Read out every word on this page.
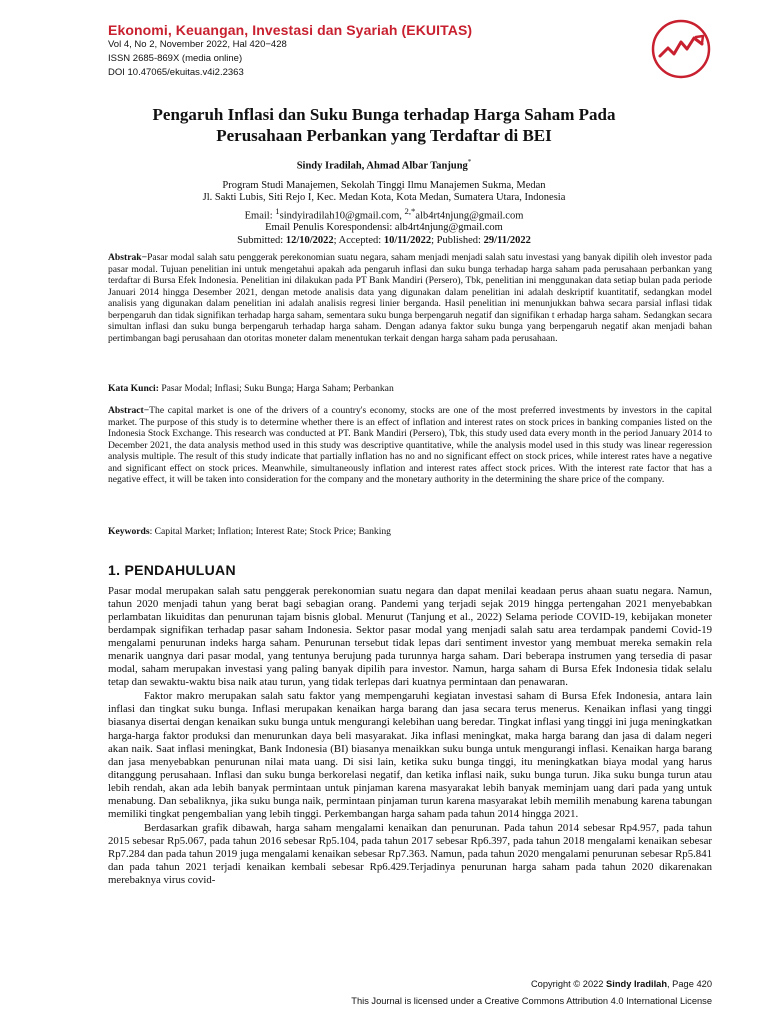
Ekonomi, Keuangan, Investasi dan Syariah (EKUITAS)
Vol 4, No 2, November 2022, Hal 420−428
ISSN 2685-869X (media online)
DOI 10.47065/ekuitas.v4i2.2363
Pengaruh Inflasi dan Suku Bunga terhadap Harga Saham Pada
Perusahaan Perbankan yang Terdaftar di BEI
Sindy Iradilah, Ahmad Albar Tanjung*
Program Studi Manajemen, Sekolah Tinggi Ilmu Manajemen Sukma, Medan
Jl. Sakti Lubis, Siti Rejo I, Kec. Medan Kota, Kota Medan, Sumatera Utara, Indonesia
Email: $^1$sindyiradilah10@gmail.com, $^{2,*}$alb4rt4njung@gmail.com
Email Penulis Korespondensi: alb4rt4njung@gmail.com
Submitted: 12/10/2022; Accepted: 10/11/2022; Published: 29/11/2022
Abstrak−Pasar modal salah satu penggerak perekonomian suatu negara, saham menjadi menjadi salah satu investasi yang banyak dipilih oleh investor pada pasar modal. Tujuan penelitian ini untuk mengetahui apakah ada pengaruh inflasi dan suku bunga terhadap harga saham pada perusahaan perbankan yang terdaftar di Bursa Efek Indonesia. Penelitian ini dilakukan pada PT Bank Mandiri (Persero), Tbk, penelitian ini menggunakan data setiap bulan pada periode Januari 2014 hingga Desember 2021, dengan metode analisis data yang digunakan dalam penelitian ini adalah deskriptif kuantitatif, sedangkan model analisis yang digunakan dalam penelitian ini adalah analisis regresi linier berganda. Hasil penelitian ini menunjukkan bahwa secara parsial inflasi tidak berpengaruh dan tidak signifikan terhadap harga saham, sementara suku bunga berpengaruh negatif dan signifikan t erhadap harga saham. Sedangkan secara simultan inflasi dan suku bunga berpengaruh terhadap harga saham. Dengan adanya faktor suku bunga yang berpengaruh negatif akan menjadi bahan pertimbangan bagi perusahaan dan otoritas moneter dalam menentukan terkait dengan harga saham pada perusahaan.
Kata Kunci: Pasar Modal; Inflasi; Suku Bunga; Harga Saham; Perbankan
Abstract−The capital market is one of the drivers of a country's economy, stocks are one of the most preferred investments by investors in the capital market. The purpose of this study is to determine whether there is an effect of inflation and interest rates on stock prices in banking companies listed on the Indonesia Stock Exchange. This research was conducted at PT. Bank Mandiri (Persero), Tbk, this study used data every month in the period January 2014 to December 2021, the data analysis method used in this study was descriptive quantitative, while the analysis model used in this study was linear regeression analysis multiple. The result of this study indicate that partially inflation has no and no significant effect on stock prices, while interest rates have a negative and significant effect on stock prices. Meanwhile, simultaneously inflation and interest rates affect stock prices. With the interest rate factor that has a negative effect, it will be taken into consideration for the company and the monetary authority in the determining the share price of the company.
Keywords: Capital Market; Inflation; Interest Rate; Stock Price; Banking
1. PENDAHULUAN

Pasar modal merupakan salah satu penggerak perekonomian suatu negara dan dapat menilai keadaan perus ahaan suatu negara. Namun, tahun 2020 menjadi tahun yang berat bagi sebagian orang. Pandemi yang terjadi sejak 2019 hingga pertengahan 2021 menyebabkan perlambatan likuiditas dan penurunan tajam bisnis global. Menurut (Tanjung et al., 2022) Selama periode COVID-19, kebijakan moneter berdampak signifikan terhadap pasar saham Indonesia. Sektor pasar modal yang menjadi salah satu area terdampak pandemi Covid-19 mengalami penurunan indeks harga saham. Penurunan tersebut tidak lepas dari sentiment investor yang membuat mereka semakin rela menarik uangnya dari pasar modal, yang tentunya berujung pada turunnya harga saham. Dari beberapa instrumen yang tersedia di pasar modal, saham merupakan investasi yang paling banyak dipilih para investor. Namun, harga saham di Bursa Efek Indonesia tidak selalu tetap dan sewaktu-waktu bisa naik atau turun, yang tidak terlepas dari kuatnya permintaan dan penawaran.

Faktor makro merupakan salah satu faktor yang mempengaruhi kegiatan investasi saham di Bursa Efek Indonesia, antara lain inflasi dan tingkat suku bunga. Inflasi merupakan kenaikan harga barang dan jasa secara terus menerus. Kenaikan inflasi yang tinggi biasanya disertai dengan kenaikan suku bunga untuk mengurangi kelebihan uang beredar. Tingkat inflasi yang tinggi ini juga meningkatkan harga-harga faktor produksi dan menurunkan daya beli masyarakat. Jika inflasi meningkat, maka harga barang dan jasa di dalam negeri akan naik. Saat inflasi meningkat, Bank Indonesia (BI) biasanya menaikkan suku bunga untuk mengurangi inflasi. Kenaikan harga barang dan jasa menyebabkan penurunan nilai mata uang. Di sisi lain, ketika suku bunga tinggi, itu meningkatkan biaya modal yang harus ditanggung perusahaan. Inflasi dan suku bunga berkorelasi negatif, dan ketika inflasi naik, suku bunga turun. Jika suku bunga turun atau lebih rendah, akan ada lebih banyak permintaan untuk pinjaman karena masyarakat lebih banyak meminjam uang dari pada yang untuk menabung. Dan sebaliknya, jika suku bunga naik, permintaan pinjaman turun karena masyarakat lebih memilih menabung karena tabungan memiliki tingkat pengembalian yang lebih tinggi. Perkembangan harga saham pada tahun 2014 hingga 2021.

Berdasarkan grafik dibawah, harga saham mengalami kenaikan dan penurunan. Pada tahun 2014 sebesar Rp4.957, pada tahun 2015 sebesar Rp5.067, pada tahun 2016 sebesar Rp5.104, pada tahun 2017 sebesar Rp6.397, pada tahun 2018 mengalami kenaikan sebesar Rp7.284 dan pada tahun 2019 juga mengalami kenaikan sebesar Rp7.363. Namun, pada tahun 2020 mengalami penurunan sebesar Rp5.841 dan pada tahun 2021 terjadi kenaikan kembali sebesar Rp6.429.Terjadinya penurunan harga saham pada tahun 2020 dikarenakan merebaknya virus covid-

Copyright © 2022 Sindy Iradilah, Page 420
This Journal is licensed under a Creative Commons Attribution 4.0 International License
